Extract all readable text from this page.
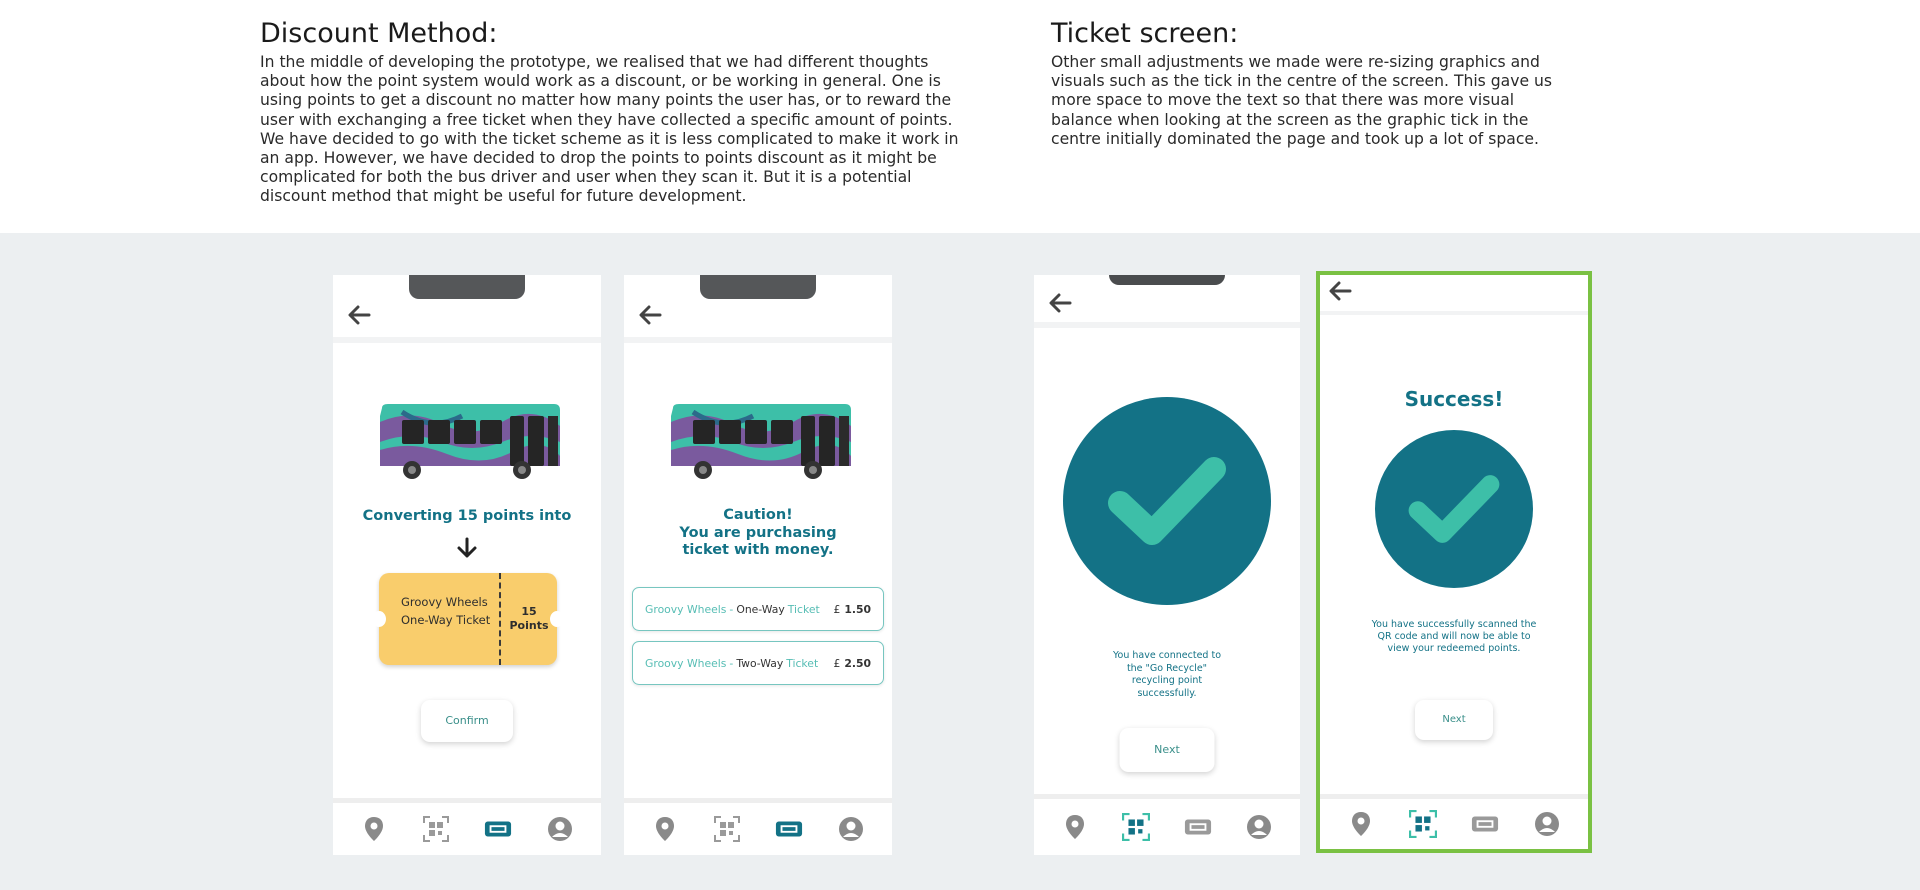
Discount Method:

In the middle of developing the prototype, we realised that we had different thoughts about how the point system would work as a discount, or be working in general. One is using points to get a discount no matter how many points the user has, or to reward the user with exchanging a free ticket when they have collected a specific amount of points. We have decided to go with the ticket scheme as it is less complicated to make it work in an app. However, we have decided to drop the points to points discount as it might be complicated for both the bus driver and user when they scan it. But it is a potential discount method that might be useful for future development.

Ticket screen:

Other small adjustments we made were re-sizing graphics and visuals such as the tick in the centre of the screen. This gave us more space to move the text so that there was more visual balance when looking at the screen as the graphic tick in the centre initially dominated the page and took up a lot of space.

Converting 15 points into
Groovy Wheels One-Way Ticket
15 Points
Confirm
Caution!
You are purchasing ticket with money.
Groovy Wheels - One-Way Ticket £ 1.50
Groovy Wheels - Two-Way Ticket £ 2.50
You have connected to the "Go Recycle" recycling point successfully.
Next
Success!
You have successfully scanned the QR code and will now be able to view your redeemed points.
Next
